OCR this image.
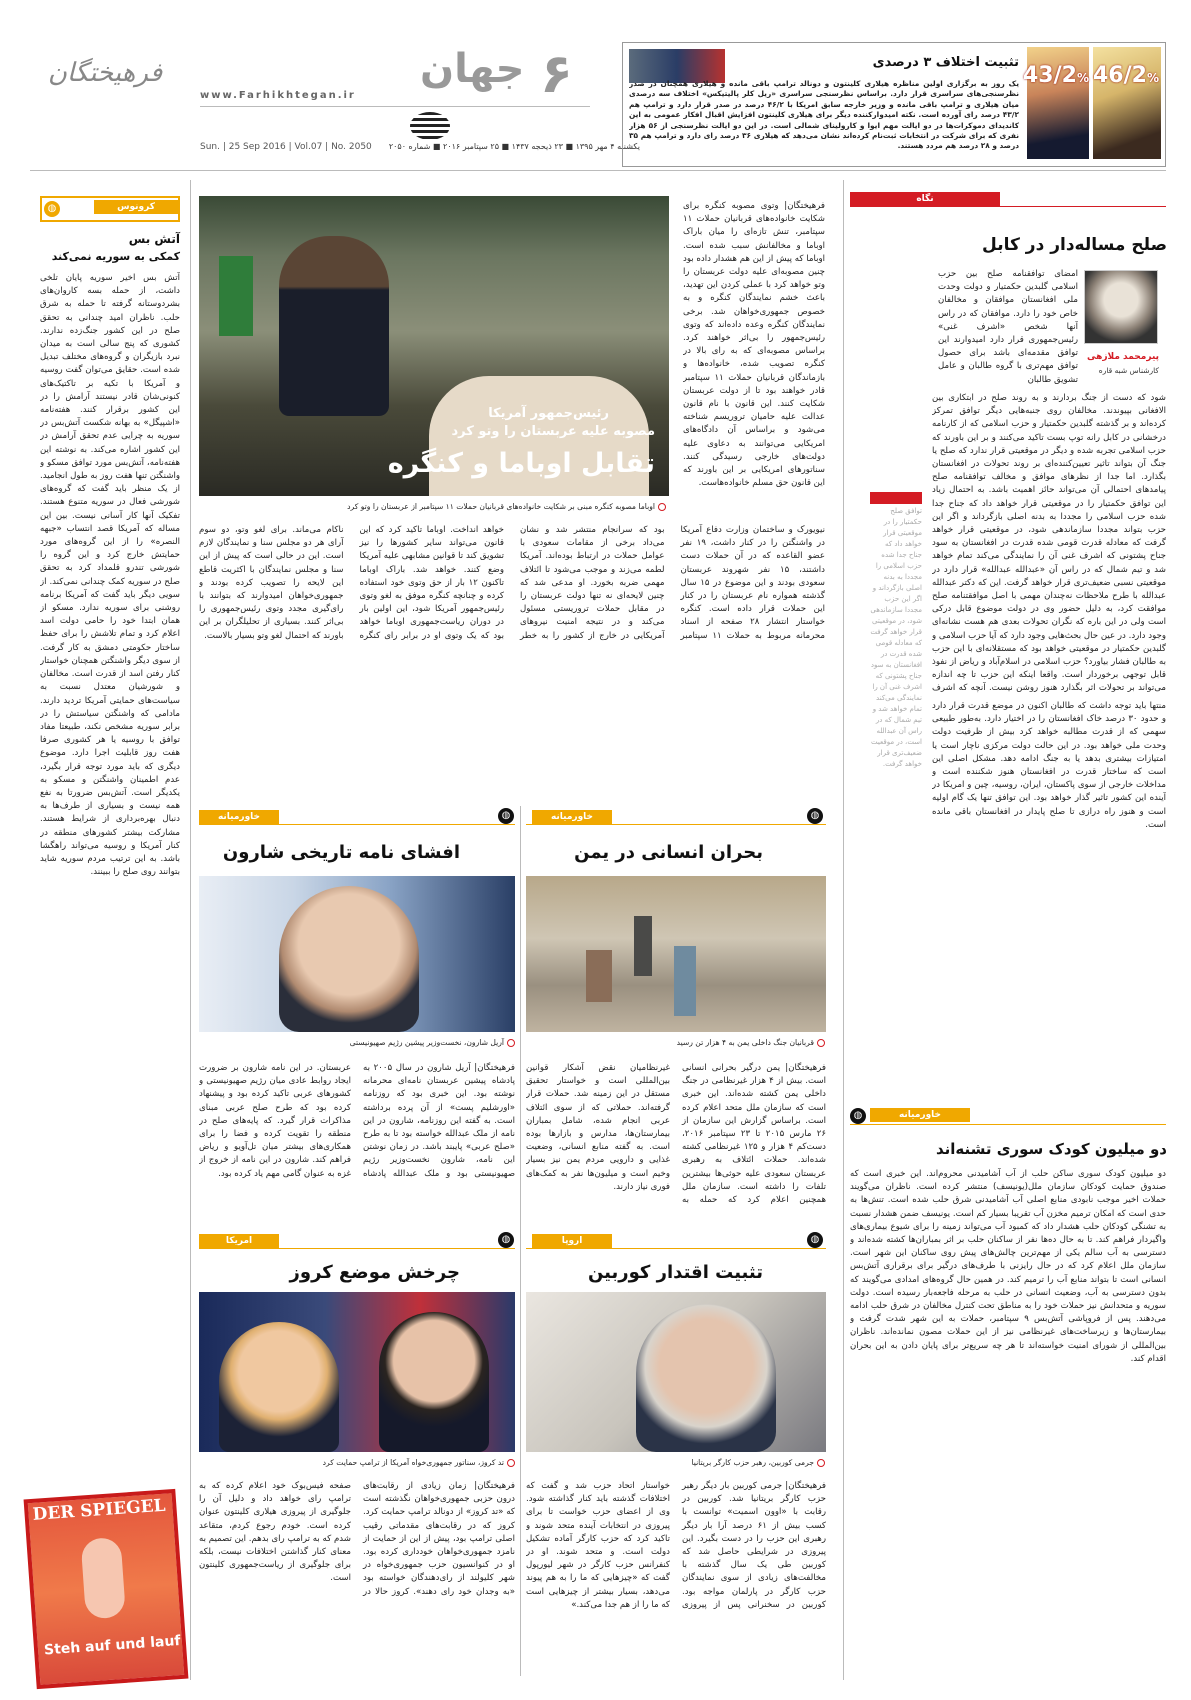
فرهیختگان
www.Farhikhtegan.ir
جهان ۶
Sun. | 25 Sep 2016 | Vol.07 | No. 2050 یکشنبه ۴ مهر ۱۳۹۵ ■ ۲۳ ذیحجه ۱۴۳۷ ■ ۲۵ سپتامبر ۲۰۱۶ ■ شماره ۲۰۵۰
46/2%
43/2%
تثبیت اختلاف ۳ درصدی
یک روز به برگزاری اولین مناظره هیلاری کلینتون و دونالد ترامپ باقی مانده و هیلاری همچنان در صدر نظرسنجی‌های سراسری قرار دارد. براساس نظرسنجی سراسری «ریل کلر پالیتیکس» اختلاف سه درصدی میان هیلاری و ترامپ باقی مانده و وزیر خارجه سابق امریکا با ۴۶/۲ درصد در صدر قرار دارد و ترامپ هم ۴۳/۲ درصد رای آورده است. نکته امیدوارکننده دیگر برای هیلاری کلینتون افزایش اقبال افکار عمومی به این کاندیدای دموکرات‌ها در دو ایالت مهم ایوا و کارولینای شمالی است. در این دو ایالت نظرسنجی از ۵۶ هزار نفری که برای شرکت در انتخابات ثبت‌نام کرده‌اند نشان می‌دهد که هیلاری ۳۶ درصد رای دارد و ترامپ هم ۳۵ درصد و ۲۸ درصد هم مردد هستند.
نگاه
صلح مساله‌دار در کابل
پیرمحمد ملازهی
کارشناس شبه قاره
امضای توافقنامه صلح بین حزب اسلامی گلبدین حکمتیار و دولت وحدت ملی افغانستان موافقان و مخالفان خاص خود را دارد. موافقان که در راس آنها شخص «اشرف غنی» رئیس‌جمهوری قرار دارد امیدوارند این توافق مقدمه‌ای باشد برای حصول توافق مهم‌تری با گروه طالبان و عامل تشویق طالبان
شود که دست از جنگ بردارند و به روند صلح در ابتکاری بین الافغانی بپیوندند. مخالفان روی جنبه‌هایی دیگر توافق تمرکز کرده‌اند و بر گذشته گلبدین حکمتیار و حزب اسلامی که از کارنامه درخشانی در کابل رانه توپ بست تاکید می‌کنند و بر این باورند که حزب اسلامی تجربه شده و دیگر در موقعیتی قرار ندارد که صلح یا جنگ آن بتواند تاثیر تعیین‌کننده‌ای بر روند تحولات در افغانستان بگذارد. اما جدا از نظرهای موافق و مخالف توافقنامه صلح پیامدهای احتمالی آن می‌تواند حائز اهمیت باشد. به احتمال زیاد این توافق حکمتیار را در موقعیتی قرار خواهد داد که جناح جدا شده حزب اسلامی را مجددا به بدنه اصلی بازگرداند و اگر این حزب بتواند مجددا سازماندهی شود، در موقعیتی قرار خواهد گرفت که معادله قدرت قومی شده قدرت در افغانستان به سود جناح پشتونی که اشرف غنی آن را نمایندگی می‌کند تمام خواهد شد و تیم شمال که در راس آن «عبدالله عبدالله» قرار دارد در موقعیتی نسبی ضعیف‌تری قرار خواهد گرفت. این که دکتر عبدالله عبدالله با طرح ملاحظات نه‌چندان مهمی با اصل موافقتنامه صلح موافقت کرد، به دلیل حضور وی در دولت موضوع قابل درکی است ولی در این باره که نگران تحولات بعدی هم هست نشانه‌ای وجود دارد. در عین حال بحث‌هایی وجود دارد که آیا حزب اسلامی و گلبدین حکمتیار در موقعیتی خواهد بود که مستقلانه‌ای با این حزب به طالبان فشار بیاورد؟ حزب اسلامی در اسلام‌آباد و ریاض از نفوذ قابل توجهی برخوردار است. واقعا اینکه این حزب تا چه اندازه می‌تواند بر تحولات اثر بگذارد هنوز روشن نیست. آنچه که اشرف
توافق صلح حکمتیار را در موقعیتی قرار خواهد داد که جناح جدا شده حزب اسلامی را مجددا به بدنه اصلی بازگرداند و اگر این حزب مجددا سازماندهی شود، در موقعیتی قرار خواهد گرفت که معادله قومی شده قدرت در افغانستان به سود جناح پشتونی که اشرف غنی آن را نمایندگی می‌کند تمام خواهد شد و تیم شمال که در راس آن عبدالله است، در موقعیت ضعیف‌تری قرار خواهد گرفت.
منتها باید توجه داشت که طالبان اکنون در موضع قدرت قرار دارد و حدود ۳۰ درصد خاک افغانستان را در اختیار دارد. به‌طور طبیعی سهمی که از قدرت مطالبه خواهد کرد بیش از ظرفیت دولت وحدت ملی خواهد بود. در این حالت دولت مرکزی ناچار است یا امتیازات بیشتری بدهد یا به جنگ ادامه دهد. مشکل اصلی این است که ساختار قدرت در افغانستان هنوز شکننده است و مداخلات خارجی از سوی پاکستان، ایران، روسیه، چین و امریکا در آینده این کشور تاثیر گذار خواهد بود. این توافق تنها یک گام اولیه است و هنوز راه درازی تا صلح پایدار در افغانستان باقی مانده است.
◍	خاورمیانه
دو میلیون کودک سوری تشنه‌اند
دو میلیون کودک سوری ساکن حلب از آب آشامیدنی محروم‌اند. این خبری است که صندوق حمایت کودکان سازمان ملل(یونیسف) منتشر کرده است. ناظران می‌گویند حملات اخیر موجب نابودی منابع اصلی آب آشامیدنی شرق حلب شده است. تنش‌ها به حدی است که امکان ترمیم مخزن آب تقریبا بسیار کم است. یونیسف ضمن هشدار نسبت به تشنگی کودکان حلب هشدار داد که کمبود آب می‌تواند زمینه را برای شیوع بیماری‌های واگیردار فراهم کند. تا به حال ده‌ها نفر از ساکنان حلب بر اثر بمباران‌ها کشته شده‌اند و دسترسی به آب سالم یکی از مهم‌ترین چالش‌های پیش روی ساکنان این شهر است. سازمان ملل اعلام کرد که در حال رایزنی با طرف‌های درگیر برای برقراری آتش‌بس انسانی است تا بتواند منابع آب را ترمیم کند. در همین حال گروه‌های امدادی می‌گویند که بدون دسترسی به آب، وضعیت انسانی در حلب به مرحله فاجعه‌بار رسیده است. دولت سوریه و متحدانش نیز حملات خود را به مناطق تحت کنترل مخالفان در شرق حلب ادامه می‌دهند. پس از فروپاشی آتش‌بس ۹ سپتامبر، حملات به این شهر شدت گرفت و بیمارستان‌ها و زیرساخت‌های غیرنظامی نیز از این حملات مصون نمانده‌اند. ناظران بین‌المللی از شورای امنیت خواسته‌اند تا هر چه سریع‌تر برای پایان دادن به این بحران اقدام کند.
رئیس‌جمهور آمریکا
مصوبه علیه عربستان را وتو کرد
تقابل اوباما و کنگره
اوباما مصوبه کنگره مبنی بر شکایت خانواده‌های قربانیان حملات ۱۱ سپتامبر از عربستان را وتو کرد
فرهیختگان| وتوی مصوبه کنگره برای شکایت خانواده‌های قربانیان حملات ۱۱ سپتامبر، تنش تازه‌ای را میان باراک اوباما و مخالفانش سبب شده است. اوباما که پیش از این هم هشدار داده بود چنین مصوبه‌ای علیه دولت عربستان را وتو خواهد کرد با عملی کردن این تهدید، باعث خشم نمایندگان کنگره و به خصوص جمهوری‌خواهان شد. برخی نمایندگان کنگره وعده داده‌اند که وتوی رئیس‌جمهور را بی‌اثر خواهند کرد. براساس مصوبه‌ای که به رای بالا در کنگره تصویب شده، خانواده‌ها و بازماندگان قربانیان حملات ۱۱ سپتامبر قادر خواهند بود تا از دولت عربستان شکایت کنند. این قانون با نام قانون عدالت علیه حامیان تروریسم شناخته می‌شود و براساس آن دادگاه‌های امریکایی می‌توانند به دعاوی علیه دولت‌های خارجی رسیدگی کنند. سناتورهای امریکایی بر این باورند که این قانون حق مسلم خانواده‌هاست.
نیویورک و ساختمان وزارت دفاع آمریکا در واشنگتن را در کنار داشت، ۱۹ نفر عضو القاعده که در آن حملات دست داشتند، ۱۵ نفر شهروند عربستان سعودی بودند و این موضوع در ۱۵ سال گذشته همواره نام عربستان را در کنار این حملات قرار داده است. کنگره خواستار انتشار ۲۸ صفحه از اسناد محرمانه مربوط به حملات ۱۱ سپتامبر بود که سرانجام منتشر شد و نشان می‌داد برخی از مقامات سعودی با عوامل حملات در ارتباط بوده‌اند. آمریکا لطمه می‌زند و موجب می‌شود تا ائتلاف مهمی ضربه بخورد. او مدعی شد که چنین لایحه‌ای نه تنها دولت عربستان را در مقابل حملات تروریستی مسئول می‌کند و در نتیجه امنیت نیروهای آمریکایی در خارج از کشور را به خطر خواهد انداخت. اوباما تاکید کرد که این قانون می‌تواند سایر کشورها را نیز تشویق کند تا قوانین مشابهی علیه آمریکا وضع کنند. خواهد شد. باراک اوباما تاکنون ۱۲ بار از حق وتوی خود استفاده کرده و چنانچه کنگره موفق به لغو وتوی رئیس‌جمهور آمریکا شود، این اولین بار در دوران ریاست‌جمهوری اوباما خواهد بود که یک وتوی او در برابر رای کنگره ناکام می‌ماند. برای لغو وتو، دو سوم آرای هر دو مجلس سنا و نمایندگان لازم است. این در حالی است که پیش از این سنا و مجلس نمایندگان با اکثریت قاطع این لایحه را تصویب کرده بودند و جمهوری‌خواهان امیدوارند که بتوانند با رای‌گیری مجدد وتوی رئیس‌جمهوری را بی‌اثر کنند. بسیاری از تحلیلگران بر این باورند که احتمال لغو وتو بسیار بالاست.
◍
خاورمیانه
بحران انسانی در یمن
قربانیان جنگ داخلی یمن به ۴ هزار تن رسید
فرهیختگان| یمن درگیر بحرانی انسانی است. بیش از ۴ هزار غیرنظامی در جنگ داخلی یمن کشته شده‌اند. این خبری است که سازمان ملل متحد اعلام کرده است. براساس گزارش این سازمان از ۲۶ مارس ۲۰۱۵ تا ۲۳ سپتامبر ۲۰۱۶، دست‌کم ۴ هزار و ۱۲۵ غیرنظامی کشته شده‌اند. حملات ائتلاف به رهبری عربستان سعودی علیه حوثی‌ها بیشترین تلفات را داشته است. سازمان ملل همچنین اعلام کرد که حمله به غیرنظامیان نقض آشکار قوانین بین‌المللی است و خواستار تحقیق مستقل در این زمینه شد. حملات قرار گرفته‌اند. حملاتی که از سوی ائتلاف عربی انجام شده، شامل بمباران بیمارستان‌ها، مدارس و بازارها بوده است. به گفته منابع انسانی، وضعیت غذایی و دارویی مردم یمن نیز بسیار وخیم است و میلیون‌ها نفر به کمک‌های فوری نیاز دارند.
◍
خاورمیانه
افشای نامه تاریخی شارون
آریل شارون، نخست‌وزیر پیشین رژیم صهیونیستی
فرهیختگان| آریل شارون در سال ۲۰۰۵ به پادشاه پیشین عربستان نامه‌ای محرمانه نوشته بود. این خبری بود که روزنامه «اورشلیم پست» از آن پرده برداشته است. به گفته این روزنامه، شارون در این نامه از ملک عبدالله خواسته بود تا به طرح «صلح عربی» پایبند باشد. در زمان نوشتن این نامه، شارون نخست‌وزیر رژیم صهیونیستی بود و ملک عبدالله پادشاه عربستان. در این نامه شارون بر ضرورت ایجاد روابط عادی میان رژیم صهیونیستی و کشورهای عربی تاکید کرده بود و پیشنهاد کرده بود که طرح صلح عربی مبنای مذاکرات قرار گیرد. که پایه‌های صلح در منطقه را تقویت کرده و فضا را برای همکاری‌های بیشتر میان تل‌آویو و ریاض فراهم کند. شارون در این نامه از خروج از غزه به عنوان گامی مهم یاد کرده بود.
◍
اروپا
تثبیت اقتدار کوربین
جرمی کوربین، رهبر حزب کارگر بریتانیا
فرهیختگان| جرمی کوربین بار دیگر رهبر حزب کارگر بریتانیا شد. کوربین در رقابت با «اوون اسمیت» توانست با کسب بیش از ۶۱ درصد آرا بار دیگر رهبری این حزب را در دست بگیرد. این پیروزی در شرایطی حاصل شد که کوربین طی یک سال گذشته با مخالفت‌های زیادی از سوی نمایندگان حزب کارگر در پارلمان مواجه بود. کوربین در سخنرانی پس از پیروزی خواستار اتحاد حزب شد و گفت که اختلافات گذشته باید کنار گذاشته شود. وی از اعضای حزب خواست تا برای پیروزی در انتخابات آینده متحد شوند و تاکید کرد که حزب کارگر آماده تشکیل دولت است. و متحد شوند. او در کنفرانس حزب کارگر در شهر لیورپول گفت که «چیزهایی که ما را به هم پیوند می‌دهد، بسیار بیشتر از چیزهایی است که ما را از هم جدا می‌کند.»
◍
امریکا
چرخش موضع کروز
تد کروز، سناتور جمهوری‌خواه آمریکا از ترامپ حمایت کرد
فرهیختگان| زمان زیادی از رقابت‌های درون حزبی جمهوری‌خواهان نگذشته است که «تد کروز» از دونالد ترامپ حمایت کرد. کروز که در رقابت‌های مقدماتی رقیب اصلی ترامپ بود، پیش از این از حمایت از نامزد جمهوری‌خواهان خودداری کرده بود. او در کنوانسیون حزب جمهوری‌خواه در شهر کلیولند از رای‌دهندگان خواسته بود «به وجدان خود رای دهند». کروز حالا در صفحه فیس‌بوک خود اعلام کرده که به ترامپ رای خواهد داد و دلیل آن را جلوگیری از پیروزی هیلاری کلینتون عنوان کرده است. خودم رجوع کردم، متقاعد شدم که به ترامپ رای بدهم. این تصمیم به معنای کنار گذاشتن اختلافات نیست، بلکه برای جلوگیری از ریاست‌جمهوری کلینتون است.
کرونوس
◍
آتش بس
کمکی به سوریه نمی‌کند
آتش بس اخیر سوریه پایان تلخی داشت، از حمله بسه کاروان‌های بشردوستانه گرفته تا حمله به شرق حلب. ناظران امید چندانی به تحقق صلح در این کشور جنگ‌زده ندارند. کشوری که پنج سالی است به میدان نبرد بازیگران و گروه‌های مختلف تبدیل شده است. حقایق می‌توان گفت روسیه و آمریکا با تکیه بر تاکتیک‌های کنونی‌شان قادر نیستند آرامش را در این کشور برقرار کنند. هفته‌نامه «اشپیگل» به بهانه شکست آتش‌بس در سوریه به چرایی عدم تحقق آرامش در این کشور اشاره می‌کند. به نوشته این هفته‌نامه، آتش‌بس مورد توافق مسکو و واشنگتن تنها هفت روز به طول انجامید. از یک منظر باید گفت که گروه‌های شورشی فعال در سوریه متنوع هستند. تفکیک آنها کار آسانی نیست. بین این مساله که آمریکا قصد انتساب «جبهه النصره» را از این گروه‌های مورد حمایتش خارج کرد و این گروه را شورشی تندرو قلمداد کرد به تحقق صلح در سوریه کمک چندانی نمی‌کند. از سویی دیگر باید گفت که آمریکا برنامه روشنی برای سوریه ندارد. مسکو از همان ابتدا خود را حامی دولت اسد اعلام کرد و تمام تلاشش را برای حفظ ساختار حکومتی دمشق به کار گرفت. از سوی دیگر واشنگتن همچنان خواستار کنار رفتن اسد از قدرت است. مخالفان و شورشیان معتدل نسبت به سیاست‌های حمایتی آمریکا تردید دارند. مادامی که واشنگتن سیاستش را در برابر سوریه مشخص نکند، طبیعتا مفاد توافق با روسیه یا هر کشوری صرفا هفت روز قابلیت اجرا دارد. موضوع دیگری که باید مورد توجه قرار بگیرد، عدم اطمینان واشنگتن و مسکو به یکدیگر است. آتش‌بس ضرورتا به نفع همه نیست و بسیاری از طرف‌ها به دنبال بهره‌برداری از شرایط هستند. مشارکت بیشتر کشورهای منطقه در کنار آمریکا و روسیه می‌تواند راهگشا باشد. به این ترتیب مردم سوریه شاید بتوانند روی صلح را ببینند.
DER SPIEGEL
Steh auf und lauf
